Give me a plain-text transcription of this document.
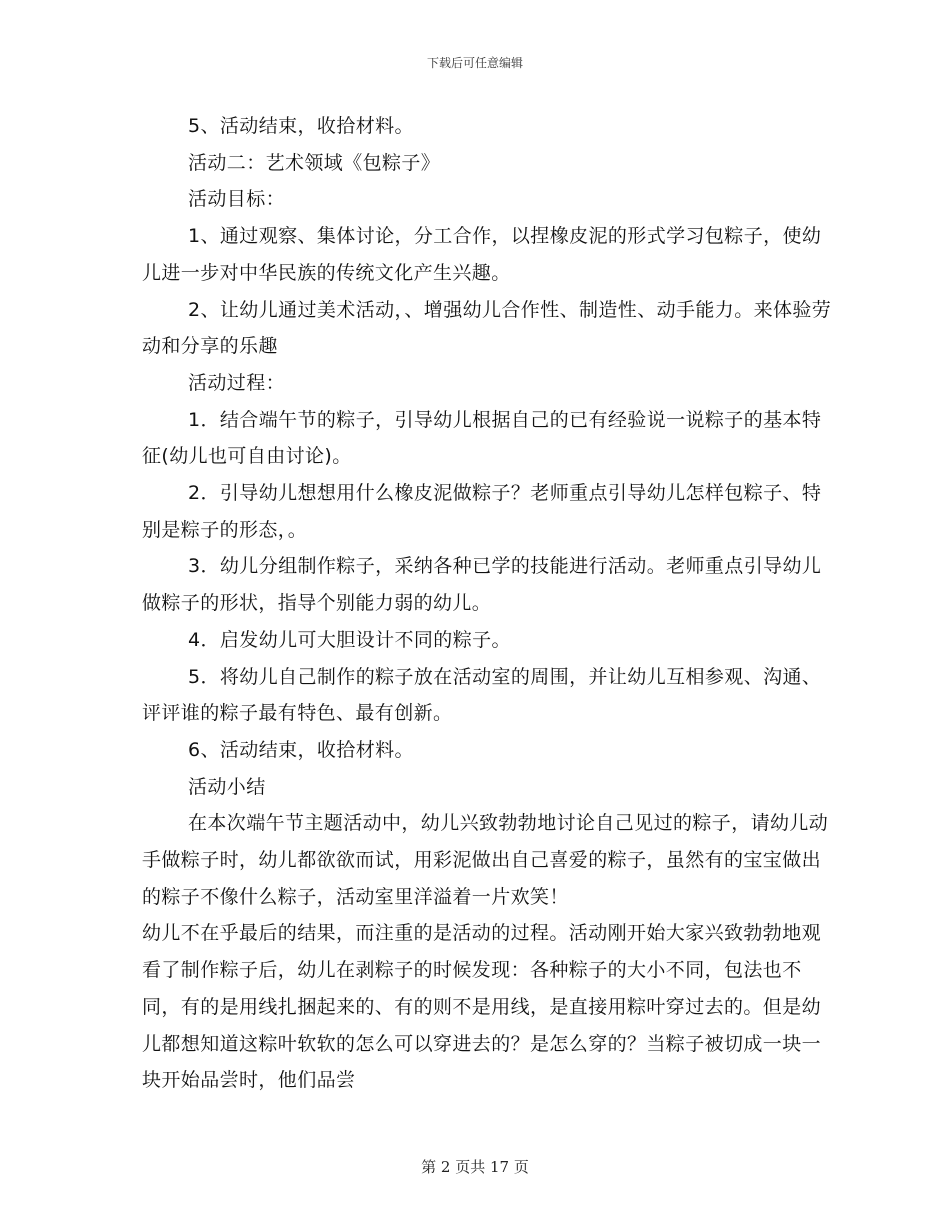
下载后可任意编辑

5、活动结束，收拾材料。

活动二：艺术领域《包粽子》

活动目标：

1、通过观察、集体讨论，分工合作，以捏橡皮泥的形式学习包粽子，使幼儿进一步对中华民族的传统文化产生兴趣。

2、让幼儿通过美术活动，、增强幼儿合作性、制造性、动手能力。来体验劳动和分享的乐趣

活动过程：

1．结合端午节的粽子，引导幼儿根据自己的已有经验说一说粽子的基本特征(幼儿也可自由讨论)。

2．引导幼儿想想用什么橡皮泥做粽子？老师重点引导幼儿怎样包粽子、特别是粽子的形态，。

3．幼儿分组制作粽子，采纳各种已学的技能进行活动。老师重点引导幼儿做粽子的形状，指导个别能力弱的幼儿。

4．启发幼儿可大胆设计不同的粽子。

5．将幼儿自己制作的粽子放在活动室的周围，并让幼儿互相参观、沟通、评评谁的粽子最有特色、最有创新。

6、活动结束，收拾材料。

活动小结

在本次端午节主题活动中，幼儿兴致勃勃地讨论自己见过的粽子，请幼儿动手做粽子时，幼儿都欲欲而试，用彩泥做出自己喜爱的粽子，虽然有的宝宝做出的粽子不像什么粽子，活动室里洋溢着一片欢笑！

幼儿不在乎最后的结果，而注重的是活动的过程。活动刚开始大家兴致勃勃地观看了制作粽子后，幼儿在剥粽子的时候发现：各种粽子的大小不同，包法也不同，有的是用线扎捆起来的、有的则不是用线，是直接用粽叶穿过去的。但是幼儿都想知道这粽叶软软的怎么可以穿进去的？是怎么穿的？当粽子被切成一块一块开始品尝时，他们品尝

第 2 页共 17 页
